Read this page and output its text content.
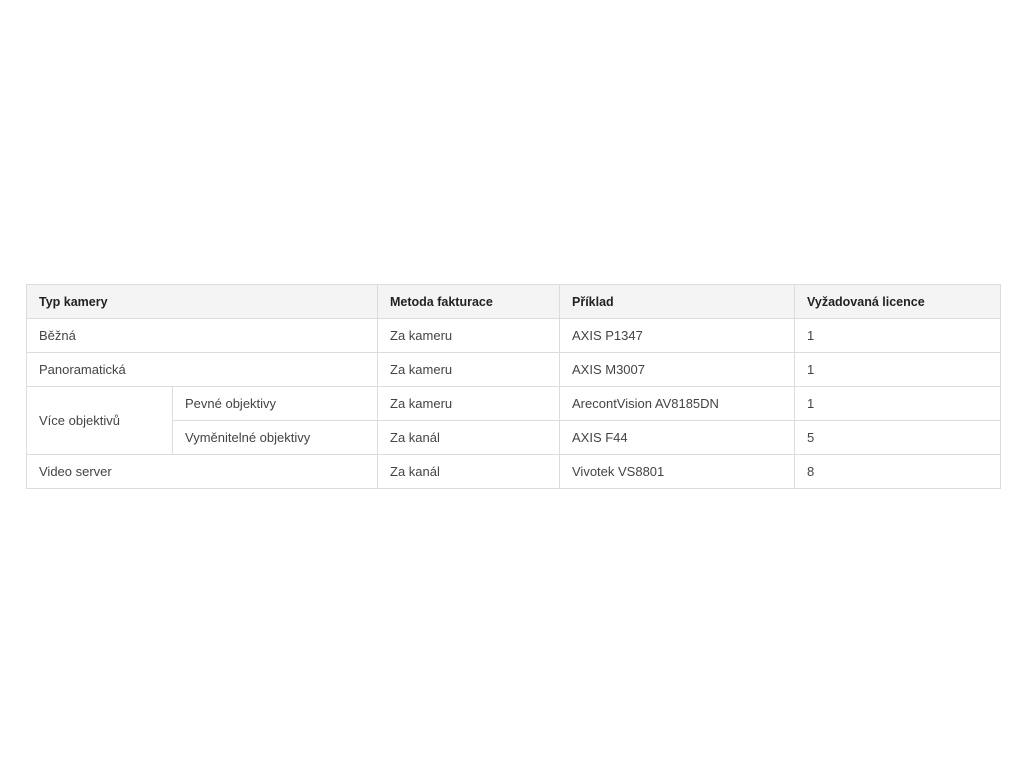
Typ kamery		Metoda fakturace	Příklad	Vyžadovaná licence
Běžná		Za kameru	AXIS P1347	1
Panoramatická		Za kameru	AXIS M3007	1
Více objektivů	Pevné objektivy	Za kameru	ArecontVision AV8185DN	1
	Vyměnitelné objektivy	Za kanál	AXIS F44	5
Video server		Za kanál	Vivotek VS8801	8
